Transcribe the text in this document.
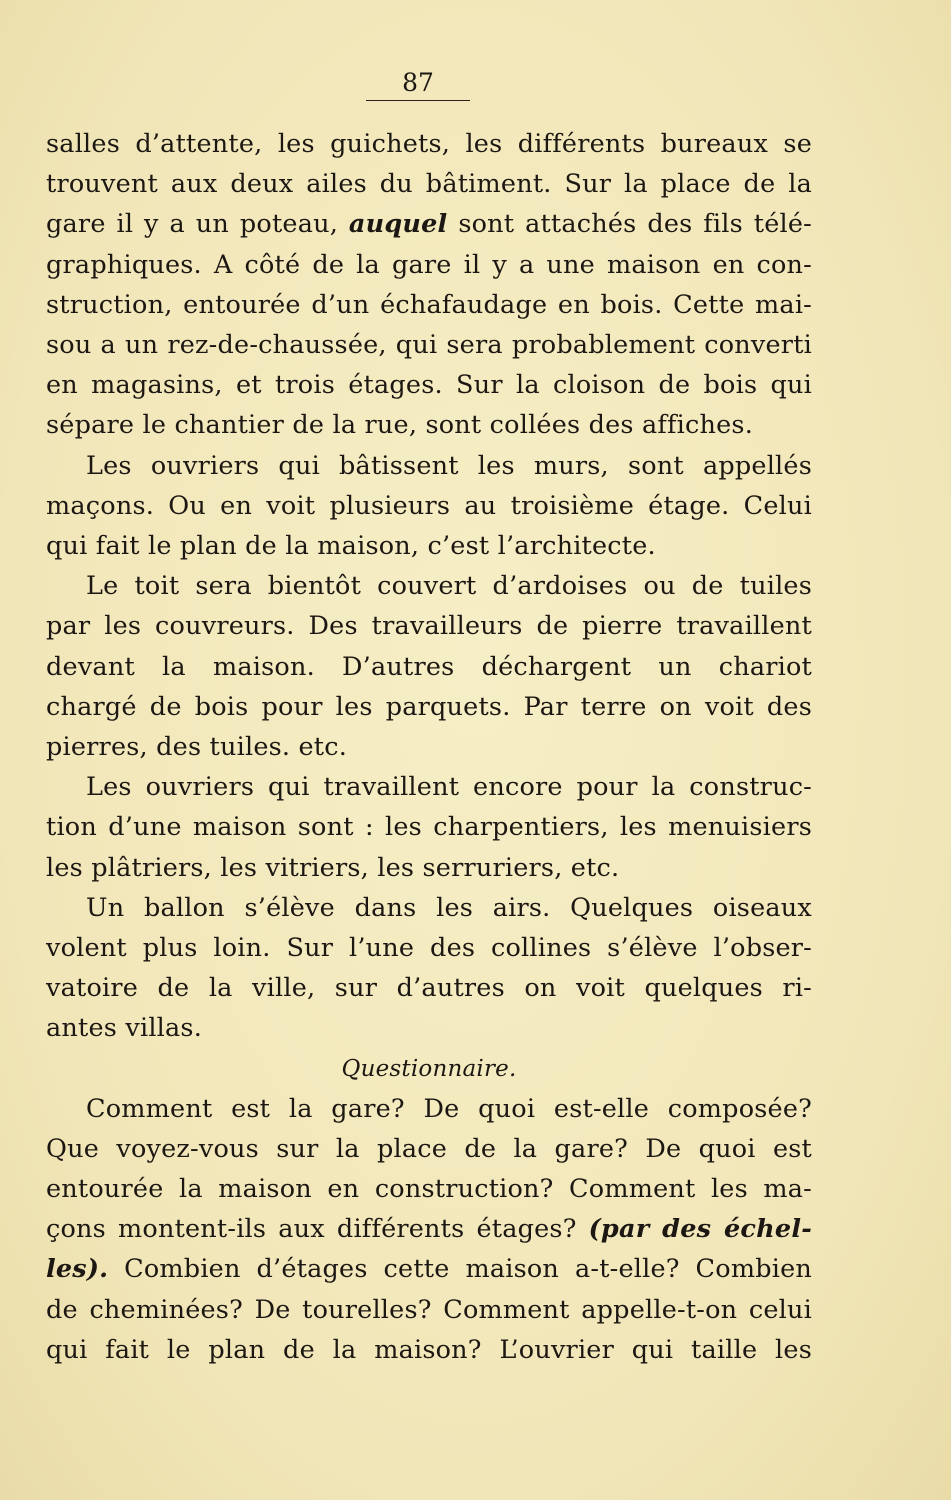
87
salles d’attente, les guichets, les différents bureaux se
trouvent aux deux ailes du bâtiment. Sur la place de la
gare il y a un poteau, auquel sont attachés des fils télé-
graphiques. A côté de la gare il y a une maison en con-
struction, entourée d’un échafaudage en bois. Cette mai-
sou a un rez-de-chaussée, qui sera probablement converti
en magasins, et trois étages. Sur la cloison de bois qui
sépare le chantier de la rue, sont collées des affiches.
Les ouvriers qui bâtissent les murs, sont appellés
maçons. Ou en voit plusieurs au troisième étage. Celui
qui fait le plan de la maison, c’est l’architecte.
Le toit sera bientôt couvert d’ardoises ou de tuiles
par les couvreurs. Des travailleurs de pierre travaillent
devant la maison. D’autres déchargent un chariot
chargé de bois pour les parquets. Par terre on voit des
pierres, des tuiles. etc.
Les ouvriers qui travaillent encore pour la construc-
tion d’une maison sont : les charpentiers, les menuisiers
les plâtriers, les vitriers, les serruriers, etc.
Un ballon s’élève dans les airs. Quelques oiseaux
volent plus loin. Sur l’une des collines s’élève l’obser-
vatoire de la ville, sur d’autres on voit quelques ri-
antes villas.
Questionnaire.
Comment est la gare? De quoi est-elle composée?
Que voyez-vous sur la place de la gare? De quoi est
entourée la maison en construction? Comment les ma-
çons montent-ils aux différents étages? (par des échel-
les). Combien d’étages cette maison a-t-elle? Combien
de cheminées? De tourelles? Comment appelle-t-on celui
qui fait le plan de la maison? L’ouvrier qui taille les
